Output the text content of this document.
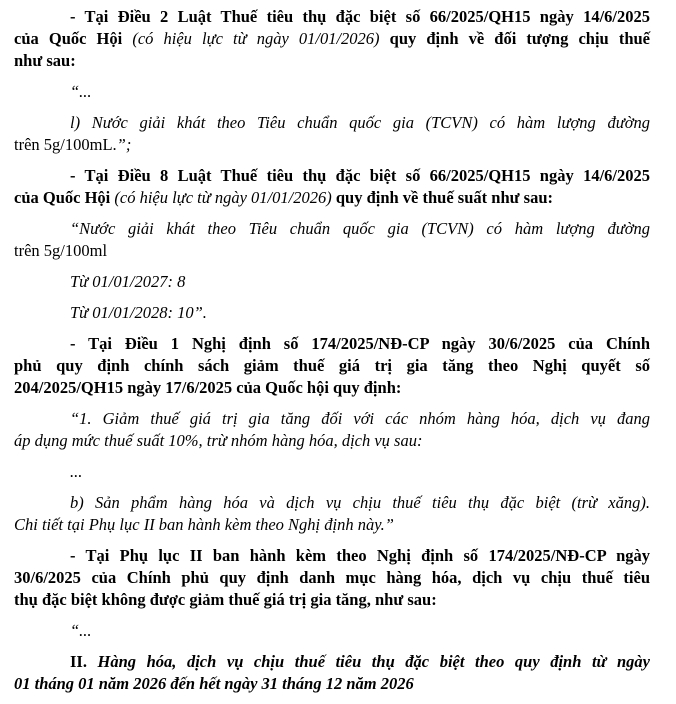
- Tại Điều 2 Luật Thuế tiêu thụ đặc biệt số 66/2025/QH15 ngày 14/6/2025
của Quốc Hội (có hiệu lực từ ngày 01/01/2026) quy định về đối tượng chịu thuế
như sau:

“...

l) Nước giải khát theo Tiêu chuẩn quốc gia (TCVN) có hàm lượng đường
trên 5g/100mL.”;

- Tại Điều 8 Luật Thuế tiêu thụ đặc biệt số 66/2025/QH15 ngày 14/6/2025
của Quốc Hội (có hiệu lực từ ngày 01/01/2026) quy định về thuế suất như sau:

“Nước giải khát theo Tiêu chuẩn quốc gia (TCVN) có hàm lượng đường
trên 5g/100ml

Từ 01/01/2027: 8

Từ 01/01/2028: 10”.

- Tại Điều 1 Nghị định số 174/2025/NĐ-CP ngày 30/6/2025 của Chính
phủ quy định chính sách giảm thuế giá trị gia tăng theo Nghị quyết số
204/2025/QH15 ngày 17/6/2025 của Quốc hội quy định:

“1. Giảm thuế giá trị gia tăng đối với các nhóm hàng hóa, dịch vụ đang
áp dụng mức thuế suất 10%, trừ nhóm hàng hóa, dịch vụ sau:

...

b) Sản phẩm hàng hóa và dịch vụ chịu thuế tiêu thụ đặc biệt (trừ xăng).
Chi tiết tại Phụ lục II ban hành kèm theo Nghị định này.”

- Tại Phụ lục II ban hành kèm theo Nghị định số 174/2025/NĐ-CP ngày
30/6/2025 của Chính phủ quy định danh mục hàng hóa, dịch vụ chịu thuế tiêu
thụ đặc biệt không được giảm thuế giá trị gia tăng, như sau:

“...

II. Hàng hóa, dịch vụ chịu thuế tiêu thụ đặc biệt theo quy định từ ngày
01 tháng 01 năm 2026 đến hết ngày 31 tháng 12 năm 2026
